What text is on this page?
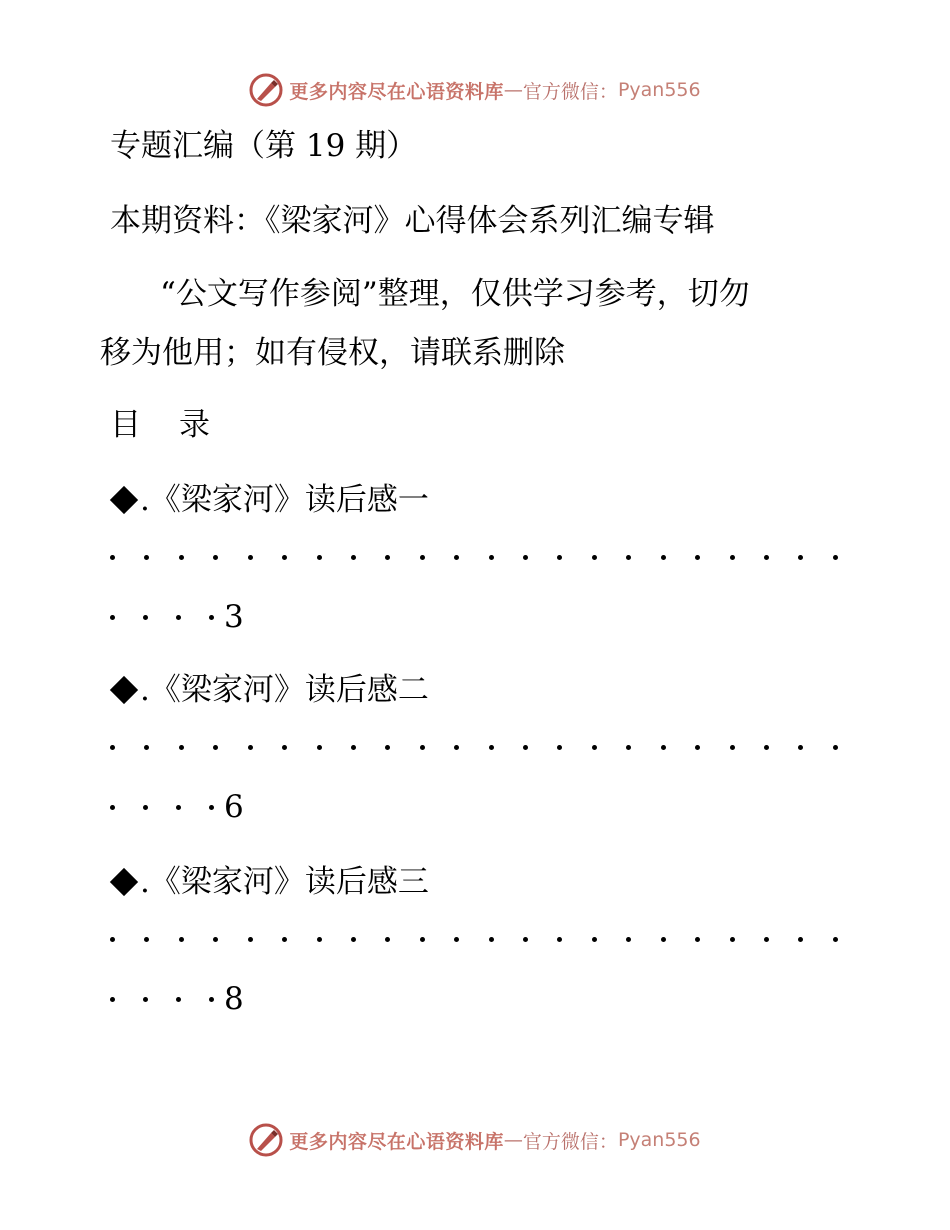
更多内容尽在心语资料库 — 官方微信： Pyan556
专题汇编（第 19 期）
本期资料：《梁家河》心得体会系列汇编专辑
“公文写作参阅”整理，仅供学习参考，切勿
移为他用；如有侵权，请联系删除
目 录
.《梁家河》读后感一
3
.《梁家河》读后感二
6
.《梁家河》读后感三
8
更多内容尽在心语资料库 — 官方微信： Pyan556
